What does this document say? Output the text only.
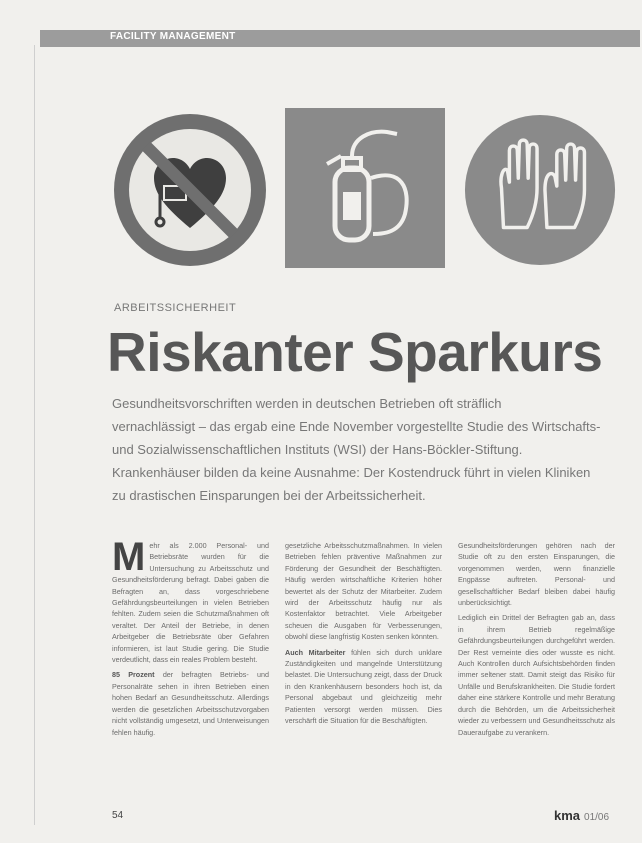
FACILITY MANAGEMENT
ARBEITSSICHERHEIT
Riskanter Sparkurs

Gesundheitsvorschriften werden in deutschen Betrieben oft sträflich

vernachlässigt – das ergab eine Ende November vorgestellte Studie des Wirtschafts-

und Sozialwissenschaftlichen Instituts (WSI) der Hans-Böckler-Stiftung.

Krankenhäuser bilden da keine Ausnahme: Der Kostendruck führt in vielen Kliniken

zu drastischen Einsparungen bei der Arbeitssicherheit.

Mehr als 2.000 Personal- und Betriebsräte wurden für die Untersuchung zu Arbeitsschutz und Gesundheitsförderung befragt. Dabei gaben die Befragten an, dass vorgeschriebene Gefährdungsbeurteilungen in vielen Betrieben fehlten. Zudem seien die Schutzmaßnahmen oft veraltet. Der Anteil der Betriebe, in denen Arbeitgeber die Betriebsräte über Gefahren informieren, ist laut Studie gering. Die Studie verdeutlicht, dass ein reales Problem besteht.

85 Prozent der befragten Betriebs- und Personalräte sehen in ihren Betrieben einen hohen Bedarf an Gesundheitsschutz. Allerdings werden die gesetzlichen Arbeitsschutzvorgaben nicht vollständig umgesetzt, und Unterweisungen fehlen häufig.

gesetzliche Arbeitsschutzmaßnahmen. In vielen Betrieben fehlen präventive Maßnahmen zur Förderung der Gesundheit der Beschäftigten. Häufig werden wirtschaftliche Kriterien höher bewertet als der Schutz der Mitarbeiter. Zudem wird der Arbeitsschutz häufig nur als Kostenfaktor betrachtet. Viele Arbeitgeber scheuen die Ausgaben für Verbesserungen, obwohl diese langfristig Kosten senken könnten.

Auch Mitarbeiter fühlen sich durch unklare Zuständigkeiten und mangelnde Unterstützung belastet. Die Untersuchung zeigt, dass der Druck in den Krankenhäusern besonders hoch ist, da Personal abgebaut und gleichzeitig mehr Patienten versorgt werden müssen. Dies verschärft die Situation für die Beschäftigten.

Gesundheitsförderungen gehören nach der Studie oft zu den ersten Einsparungen, die vorgenommen werden, wenn finanzielle Engpässe auftreten. Personal- und gesellschaftlicher Bedarf bleiben dabei häufig unberücksichtigt.

Lediglich ein Drittel der Befragten gab an, dass in ihrem Betrieb regelmäßige Gefährdungsbeurteilungen durchgeführt werden. Der Rest verneinte dies oder wusste es nicht. Auch Kontrollen durch Aufsichtsbehörden finden immer seltener statt. Damit steigt das Risiko für Unfälle und Berufskrankheiten. Die Studie fordert daher eine stärkere Kontrolle und mehr Beratung durch die Behörden, um die Arbeitssicherheit wieder zu verbessern und Gesundheitsschutz als Daueraufgabe zu verankern.

54	kma 01/06
